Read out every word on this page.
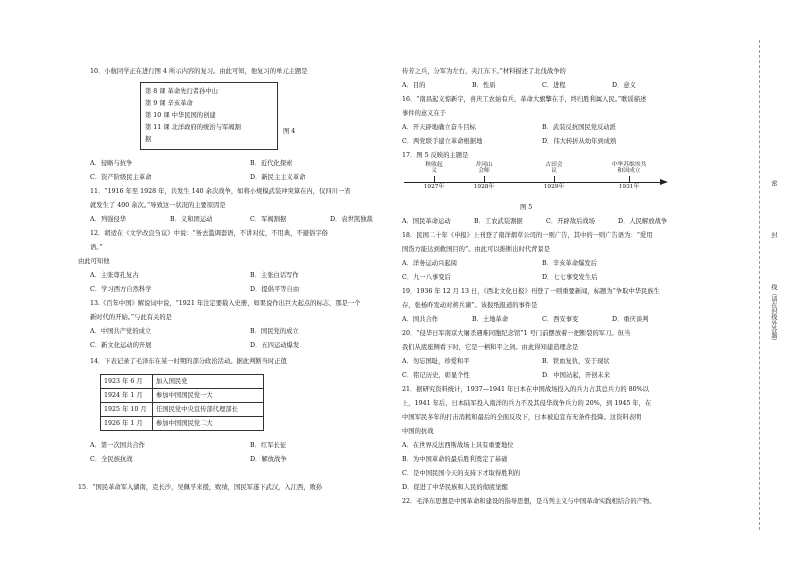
10．小航同学正在进行图 4 所示内容的复习。由此可知，他复习的单元主题是
第 8 课 革命先行者孙中山
第 9 课 辛亥革命
第 10 课 中华民国的创建
第 11 课 北洋政府的统治与军阀割
据
图 4
A．侵略与抗争	B．近代化探索
C．资产阶级民主革命	D．新民主主义革命
11．“1916 年至 1928 年，共发生 140 余次战争，如将小规模武装冲突算在内，仅四川一省
就发生了 400 余次。”导致这一状况的主要原因是
A．列强侵华	B．义和团运动	C．军阀割据	D．袁世凯独裁
12．胡适在《文学改良刍议》中说：“务去滥调套语，不讲对仗，不用典，不避俗字俗
语。”
由此可知他
A．主张尊孔复古	B．主张白话写作
C．学习西方自然科学	D．提倡平等自由
13.《百年中国》解说词中说，“1921 年注定要载入史册，如果说作出巨大起点的标志，那是一个
新时代的开始。”与此有关的是
A．中国共产党的成立	B．国民党的成立
C．新文化运动的开展	D．五四运动爆发
14．下表记录了毛泽东在某一时期的部分政治活动。据此判断当时正值
1923 年 6 月	加入国民党
1924 年 1 月	参加中国国民党一大
1925 年 10 月	任国民党中央宣传部代理部长
1926 年 1 月	参加中国国民党二大
A．第一次国共合作	B．红军长征
C．全民族抗战	D．解放战争
15．“国民革命军入湖南，克长沙，吴佩孚来援，败绩，国民军遂下武汉，入江西，败孙
传芳之兵，分军为左右，夹江东下。”材料描述了北伐战争的
A．目的	B．性质	C．进程	D．意义
16．“南昌起义惊新宇，喜庆工农始有兵，革命大旗擎在手，终归胜利属人民。”歌谣描述
事件的意义在于
A．开天辟地确立奋斗目标	B．武装反抗国民党反动派
C．两党联手建立革命根据地	D．伟大转折从幼年到成熟
17．图 5 反映的主题是
秋收起义
1927年
井冈山会师
1928年
古田会议
1929年
中华苏维埃共和国成立
1931年
图 5
A．国民革命运动	B．工农武装割据	C．开辟敌后战场	D．人民解放战争
18．民国二十年《申报》上刊登了南洋烟草公司的一则广告，其中的一则广告语为：“爱用
国货方能达到救国目的”。由此可以推断出时代背景是
A．洋务运动兴起阅	B．辛亥革命爆发后
C．九一八事变后	D．七七事变发生后
19．1936 年 12 月 13 日，《西北文化日报》刊登了一则重要新闻，标题为“争取中华民族生
存，张杨昨发动对蒋兵谏”。该报纸报道的事件是
A．国共合作	B．土地革命	C．西安事变	D．重庆谈判
20．“侵华日军南京大屠杀遇难同胞纪念馆”1 号门前摆放着一把断裂的军刀。但当
我们从底座侧看下时，它是一柄和平之剑。由此得知建造理念是
A．勿忘国耻，珍爱和平	B．铁血复仇，安于现状
C．铭记历史，彰显个性	D．中国站起，开创未来
21．据研究资料统计，1937—1941 年日本在中国战场投入的兵力占其总兵力的 80%以
上，1941 年后，日本陆军投入南洋的兵力不及其侵华战争兵力的 20%，到 1945 年，在
中国军民多年的打击消耗和最后的全面反攻下，日本被迫宣布无条件投降。这资料表明
中国的抗战
A．在世界反法西斯战场上具有重要地位
B．为中国革命的最后胜利奠定了基础
C．是中国民国今天的支持下才取得胜利的
D．促进了中华民族和人民的彻底觉醒
22．毛泽东思想是中国革命和建设的指导思想，是马列主义与中国革命实践相结合的产物。
密
封
线（请在封线外答题）
